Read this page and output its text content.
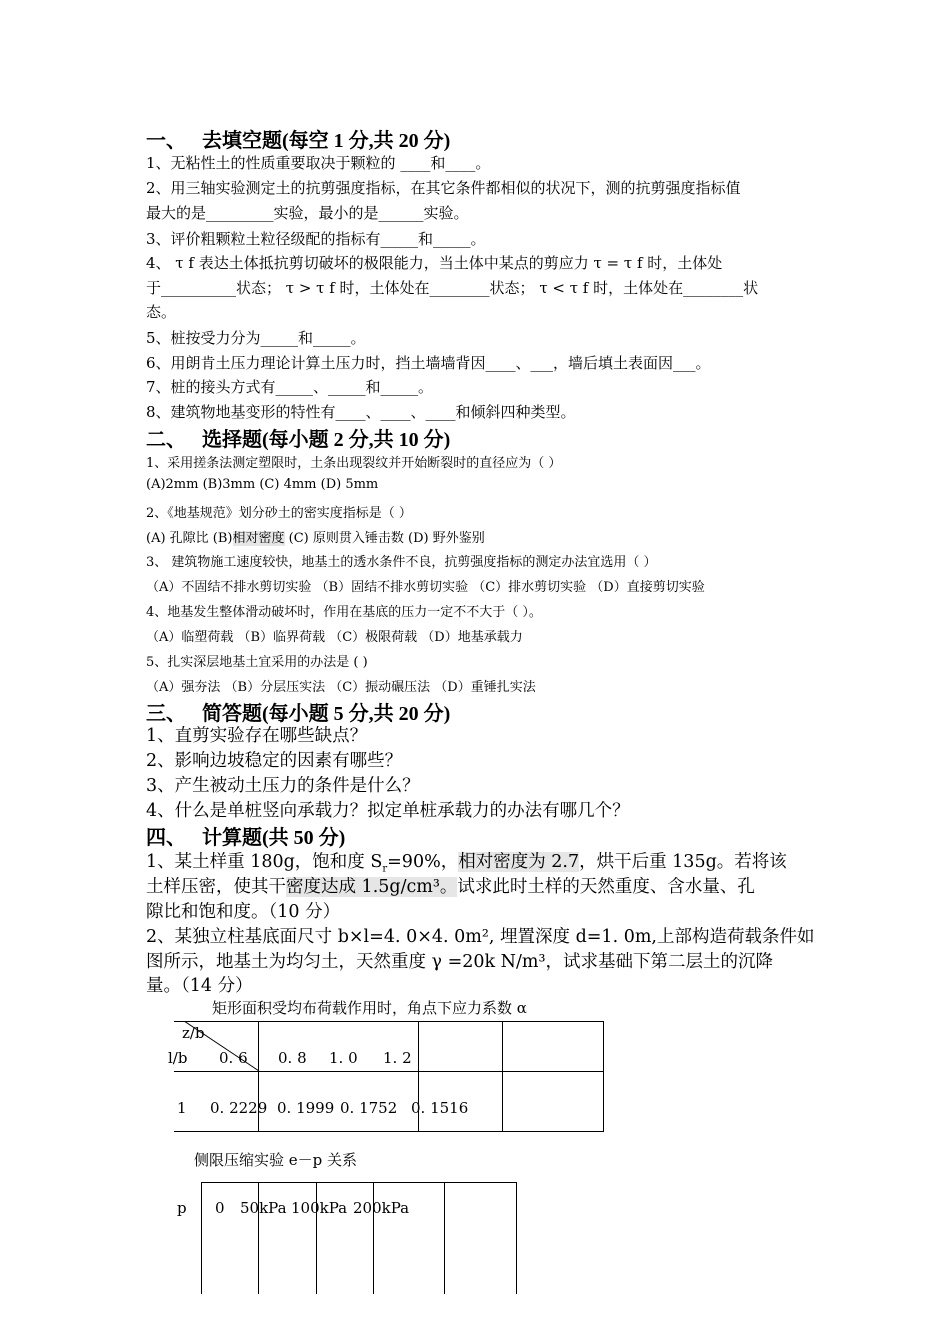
一、 去填空题(每空 1 分,共 20 分)
1、无粘性土的性质重要取决于颗粒的 ____和____。
2、用三轴实验测定土的抗剪强度指标，在其它条件都相似的状况下，测的抗剪强度指标值
最大的是_________实验，最小的是______实验。
3、评价粗颗粒土粒径级配的指标有_____和_____。
4、 τ f 表达土体抵抗剪切破坏的极限能力，当土体中某点的剪应力 τ = τ f 时，土体处
于__________状态； τ > τ f 时，土体处在________状态； τ < τ f 时，土体处在________状
态。
5、桩按受力分为_____和_____。
6、用朗肯土压力理论计算土压力时，挡土墙墙背因____、___，墙后填土表面因___。
7、桩的接头方式有_____、_____和_____。
8、建筑物地基变形的特性有____、____、____和倾斜四种类型。
二、 选择题(每小题 2 分,共 10 分)
1、采用搓条法测定塑限时，土条出现裂纹并开始断裂时的直径应为（ ）
(A)2mm (B)3mm (C) 4mm (D) 5mm
2、《地基规范》划分砂土的密实度指标是（ ）
(A) 孔隙比 (B)相对密度 (C) 原则贯入锤击数 (D) 野外鉴别
3、 建筑物施工速度较快，地基土的透水条件不良，抗剪强度指标的测定办法宜选用（ ）
（A）不固结不排水剪切实验 （B）固结不排水剪切实验 （C）排水剪切实验 （D）直接剪切实验
4、地基发生整体滑动破坏时，作用在基底的压力一定不不大于（ ）。
（A）临塑荷载 （B）临界荷载 （C）极限荷载 （D）地基承载力
5、扎实深层地基土宜采用的办法是 ( )
（A）强夯法 （B）分层压实法 （C）振动碾压法 （D）重锤扎实法
三、 简答题(每小题 5 分,共 20 分)
1、直剪实验存在哪些缺点？
2、影响边坡稳定的因素有哪些？
3、产生被动土压力的条件是什么？
4、什么是单桩竖向承载力？拟定单桩承载力的办法有哪几个？
四、 计算题(共 50 分)
1、某土样重 180g，饱和度 $S_r=90\%$，相对密度为 2.7，烘干后重 135g。若将该
土样压密，使其干密度达成 1.5g/cm³。试求此时土样的天然重度、含水量、孔
隙比和饱和度。（10 分）
2、某独立柱基底面尺寸 b×l=4. 0×4. 0m², 埋置深度 d=1. 0m,上部构造荷载条件如
图所示，地基土为均匀土，天然重度 γ =20k N/m³，试求基础下第二层土的沉降
量。（14 分）
矩形面积受均布荷载作用时，角点下应力系数 α
z/b
l/b 0. 6 0. 8 1. 0 1. 2
1 0. 2229 0. 1999 0. 1752 0. 1516
侧限压缩实验 e－p 关系
p 0 50kPa 100kPa 200kPa
